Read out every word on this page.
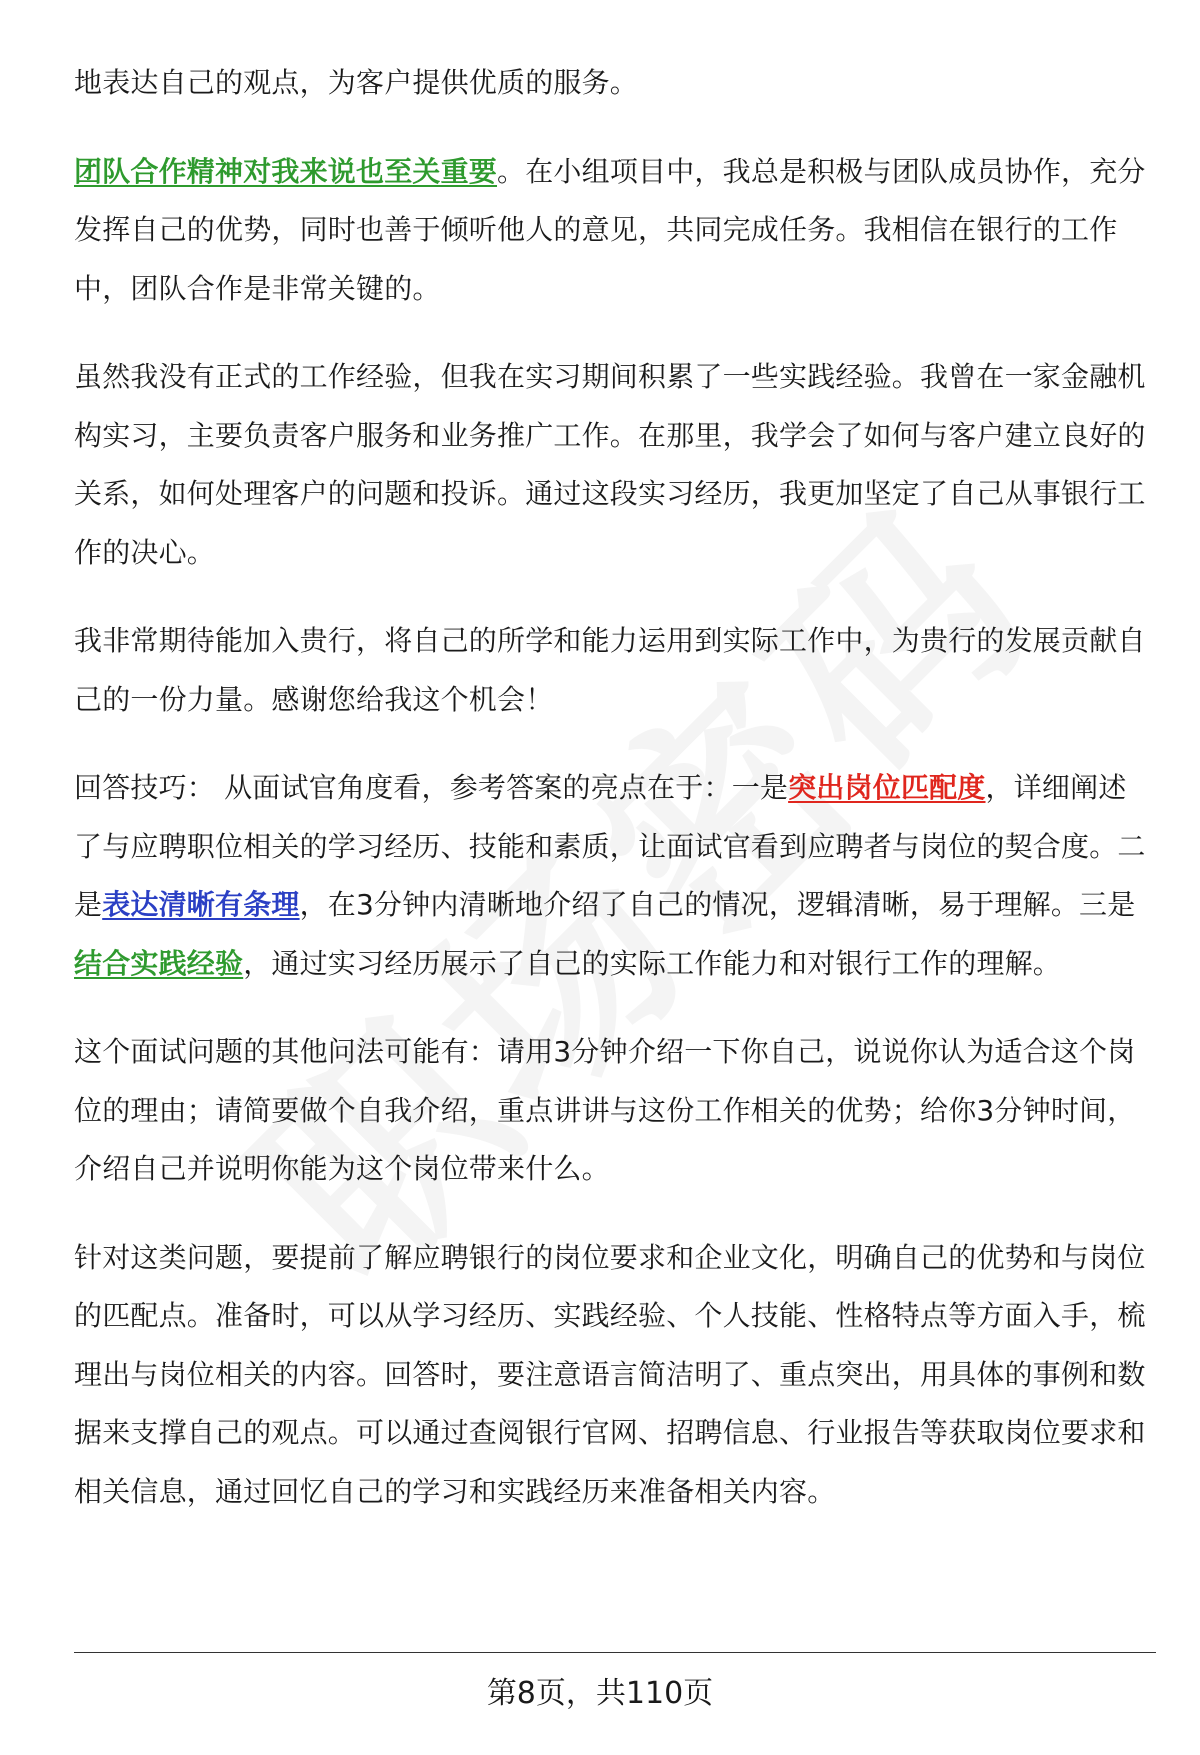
地表达自己的观点，为客户提供优质的服务。

团队合作精神对我来说也至关重要。在小组项目中，我总是积极与团队成员协作，充分发挥自己的优势，同时也善于倾听他人的意见，共同完成任务。我相信在银行的工作中，团队合作是非常关键的。

虽然我没有正式的工作经验，但我在实习期间积累了一些实践经验。我曾在一家金融机构实习，主要负责客户服务和业务推广工作。在那里，我学会了如何与客户建立良好的关系，如何处理客户的问题和投诉。通过这段实习经历，我更加坚定了自己从事银行工作的决心。

我非常期待能加入贵行，将自己的所学和能力运用到实际工作中，为贵行的发展贡献自己的一份力量。感谢您给我这个机会！

回答技巧： 从面试官角度看，参考答案的亮点在于：一是突出岗位匹配度，详细阐述了与应聘职位相关的学习经历、技能和素质，让面试官看到应聘者与岗位的契合度。二是表达清晰有条理，在3分钟内清晰地介绍了自己的情况，逻辑清晰，易于理解。三是结合实践经验，通过实习经历展示了自己的实际工作能力和对银行工作的理解。

这个面试问题的其他问法可能有：请用3分钟介绍一下你自己，说说你认为适合这个岗位的理由；请简要做个自我介绍，重点讲讲与这份工作相关的优势；给你3分钟时间，介绍自己并说明你能为这个岗位带来什么。

针对这类问题，要提前了解应聘银行的岗位要求和企业文化，明确自己的优势和与岗位的匹配点。准备时，可以从学习经历、实践经验、个人技能、性格特点等方面入手，梳理出与岗位相关的内容。回答时，要注意语言简洁明了、重点突出，用具体的事例和数据来支撑自己的观点。可以通过查阅银行官网、招聘信息、行业报告等获取岗位要求和相关信息，通过回忆自己的学习和实践经历来准备相关内容。

第8页，共110页
